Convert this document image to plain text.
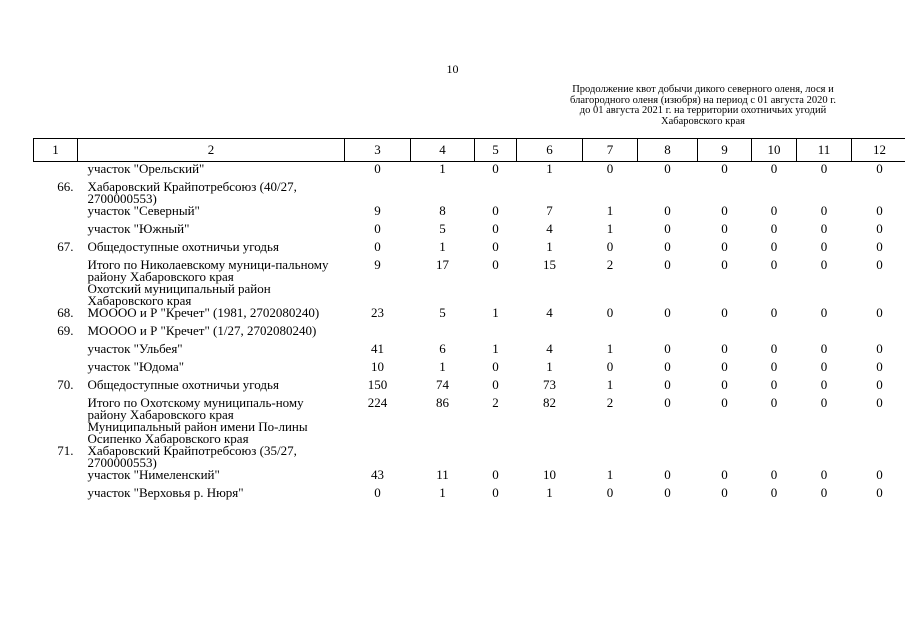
10
Продолжение квот добычи дикого северного оленя, лося и
благородного оленя (изюбря) на период с 01 августа 2020 г.
до 01 августа 2021 г. на территории охотничьих угодий
Хабаровского края
1	2	3	4	5	6	7	8	9	10	11	12
	участок "Орельский"	0	1	0	1	0	0	0	0	0	0
66.	Хабаровский Крайпотребсоюз (40/27, 2700000553)										
	участок "Северный"	9	8	0	7	1	0	0	0	0	0
	участок "Южный"	0	5	0	4	1	0	0	0	0	0
67.	Общедоступные охотничьи угодья	0	1	0	1	0	0	0	0	0	0
	Итого по Николаевскому муници-пальному району Хабаровского края	9	17	0	15	2	0	0	0	0	0
	Охотский муниципальный район Хабаровского края										
68.	МОООО и Р "Кречет" (1981, 2702080240)	23	5	1	4	0	0	0	0	0	0
69.	МОООО и Р "Кречет" (1/27, 2702080240)										
	участок "Ульбея"	41	6	1	4	1	0	0	0	0	0
	участок "Юдома"	10	1	0	1	0	0	0	0	0	0
70.	Общедоступные охотничьи угодья	150	74	0	73	1	0	0	0	0	0
	Итого по Охотскому муниципаль-ному району Хабаровского края	224	86	2	82	2	0	0	0	0	0
	Муниципальный район имени По-лины Осипенко Хабаровского края										
71.	Хабаровский Крайпотребсоюз (35/27, 2700000553)										
	участок "Нимеленский"	43	11	0	10	1	0	0	0	0	0
	участок "Верховья р. Нюря"	0	1	0	1	0	0	0	0	0	0
